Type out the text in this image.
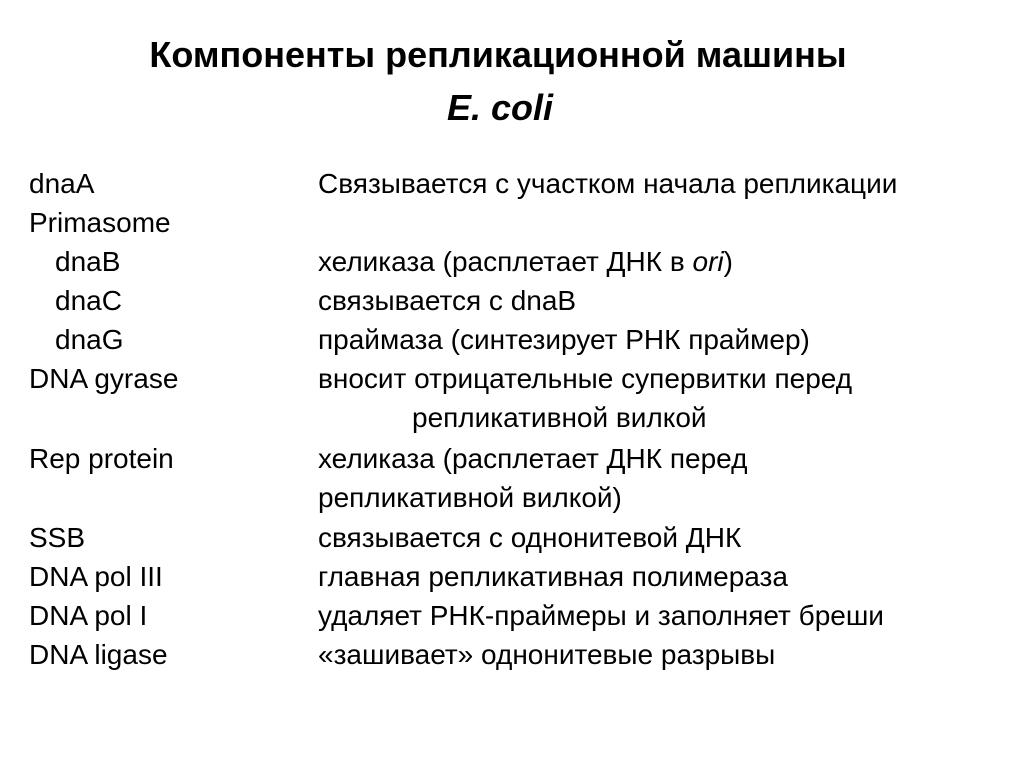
Компоненты репликационной машины
E. coli
dnaA	Связывается с участком начала репликации
Primasome
dnaB	хеликаза (расплетает ДНК в ori)
dnaC	связывается с dnaB
dnaG	праймаза (синтезирует РНК праймер)
DNA gyrase	вносит отрицательные супервитки перед
репликативной вилкой
Rep protein	хеликаза (расплетает ДНК перед
репликативной вилкой)
SSB	связывается с однонитевой ДНК
DNA pol III	главная репликативная полимераза
DNA pol I	удаляет РНК-праймеры и заполняет бреши
DNA ligase	«зашивает» однонитевые разрывы
